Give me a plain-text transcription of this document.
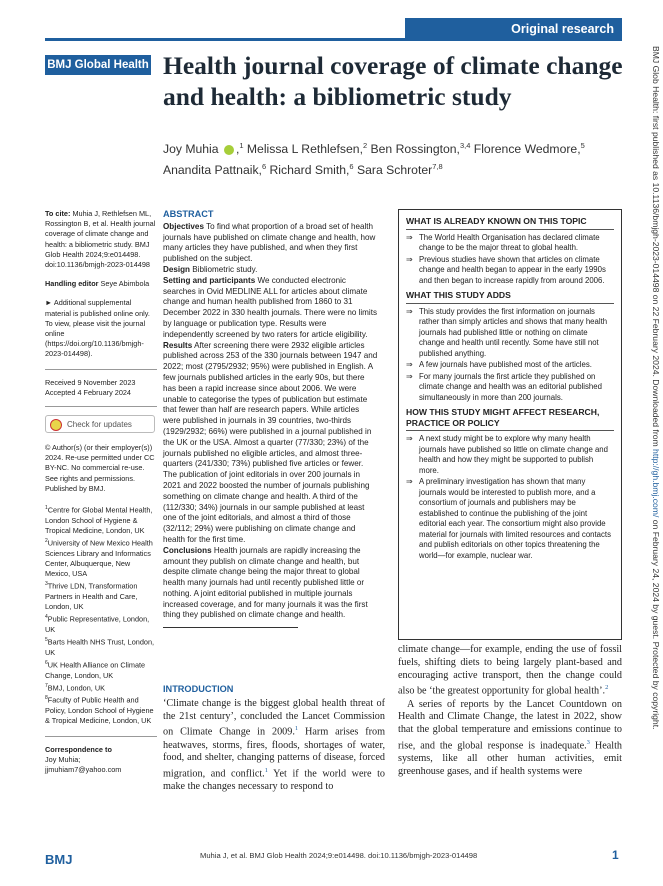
Original research
BMJ Global Health Health journal coverage of climate change and health: a bibliometric study
Joy Muhia ,$^1$ Melissa L Rethlefsen,$^2$ Ben Rossington,$^{3,4}$ Florence Wedmore,$^5$ Anandita Pattnaik,$^6$ Richard Smith,$^6$ Sara Schroter$^{7,8}$
To cite: Muhia J, Rethlefsen ML, Rossington B, et al. Health journal coverage of climate change and health: a bibliometric study. BMJ Glob Health 2024;9:e014498. doi:10.1136/bmjgh-2023-014498
Handling editor Seye Abimbola
► Additional supplemental material is published online only. To view, please visit the journal online (https://doi.org/10.1136/bmjgh-2023-014498).
Received 9 November 2023
Accepted 4 February 2024
Check for updates
© Author(s) (or their employer(s)) 2024. Re-use permitted under CC BY-NC. No commercial re-use. See rights and permissions. Published by BMJ.
$^1$Centre for Global Mental Health, London School of Hygiene & Tropical Medicine, London, UK
$^2$University of New Mexico Health Sciences Library and Informatics Center, Albuquerque, New Mexico, USA
$^3$Thrive LDN, Transformation Partners in Health and Care, London, UK
$^4$Public Representative, London, UK
$^5$Barts Health NHS Trust, London, UK
$^6$UK Health Alliance on Climate Change, London, UK
$^7$BMJ, London, UK
$^8$Faculty of Public Health and Policy, London School of Hygiene & Tropical Medicine, London, UK
Correspondence to
Joy Muhia;
jjmuhiam7@yahoo.com
ABSTRACT

Objectives To find what proportion of a broad set of health journals have published on climate change and health, how many articles they have published, and when they first published on the subject.

Design Bibliometric study.

Setting and participants We conducted electronic searches in Ovid MEDLINE ALL for articles about climate change and human health published from 1860 to 31 December 2022 in 330 health journals. There were no limits by language or publication type. Results were independently screened by two raters for article eligibility.

Results After screening there were 2932 eligible articles published across 253 of the 330 journals between 1947 and 2022; most (2795/2932; 95%) were published in English. A few journals published articles in the early 90s, but there has been a rapid increase since about 2006. We were unable to categorise the types of publication but estimate that fewer than half are research papers. While articles were published in journals in 39 countries, two-thirds (1929/2932; 66%) were published in a journal published in the UK or the USA. Almost a quarter (77/330; 23%) of the journals published no eligible articles, and almost three-quarters (241/330; 73%) published five articles or fewer. The publication of joint editorials in over 200 journals in 2021 and 2022 boosted the number of journals publishing something on climate change and health. A third of the (112/330; 34%) journals in our sample published at least one of the joint editorials, and almost a third of those (32/112; 29%) were publishing on climate change and health for the first time.

Conclusions Health journals are rapidly increasing the amount they publish on climate change and health, but despite climate change being the major threat to global health many journals had until recently published little or nothing. A joint editorial published in multiple journals increased coverage, and for many journals it was the first thing they published on climate change and health.

WHAT IS ALREADY KNOWN ON THIS TOPIC
⇒ The World Health Organisation has declared climate change to be the major threat to global health.
⇒ Previous studies have shown that articles on climate change and health began to appear in the early 1990s and then began to increase rapidly from around 2006.
WHAT THIS STUDY ADDS
⇒ This study provides the first information on journals rather than simply articles and shows that many health journals had published little or nothing on climate change and health until recently. Some have still not published anything.
⇒ A few journals have published most of the articles.
⇒ For many journals the first article they published on climate change and health was an editorial published simultaneously in more than 200 journals.
HOW THIS STUDY MIGHT AFFECT RESEARCH, PRACTICE OR POLICY
⇒ A next study might be to explore why many health journals have published so little on climate change and health and how they might be supported to publish more.
⇒ A preliminary investigation has shown that many journals would be interested to publish more, and a consortium of journals and publishers may be established to continue the publishing of the joint editorial each year. The consortium might also provide material for journals with limited resources and contacts and publish editorials on other topics threatening the world—for example, nuclear war.
INTRODUCTION

‘Climate change is the biggest global health threat of the 21st century’, concluded the Lancet Commission on Climate Change in 2009.$^1$ Harm arises from heatwaves, storms, fires, floods, shortages of water, food, and shelter, changing patterns of disease, forced migration, and conflict.$^1$ Yet if the world were to make the changes necessary to respond to

climate change—for example, ending the use of fossil fuels, shifting diets to being largely plant-based and encouraging active transport, then the change could also be ‘the greatest opportunity for global health’.$^2$

A series of reports by the Lancet Countdown on Health and Climate Change, the latest in 2022, show that the global temperature and emissions continue to rise, and the global response is inadequate.$^3$ Health systems, like all other human activities, emit greenhouse gases, and if health systems were

BMJ Glob Health: first published as 10.1136/bmjgh-2023-014498 on 22 February 2024. Downloaded from http://gh.bmj.com/ on February 24, 2024 by guest. Protected by copyright.
BMJ	Muhia J, et al. BMJ Glob Health 2024;9:e014498. doi:10.1136/bmjgh-2023-014498	1
